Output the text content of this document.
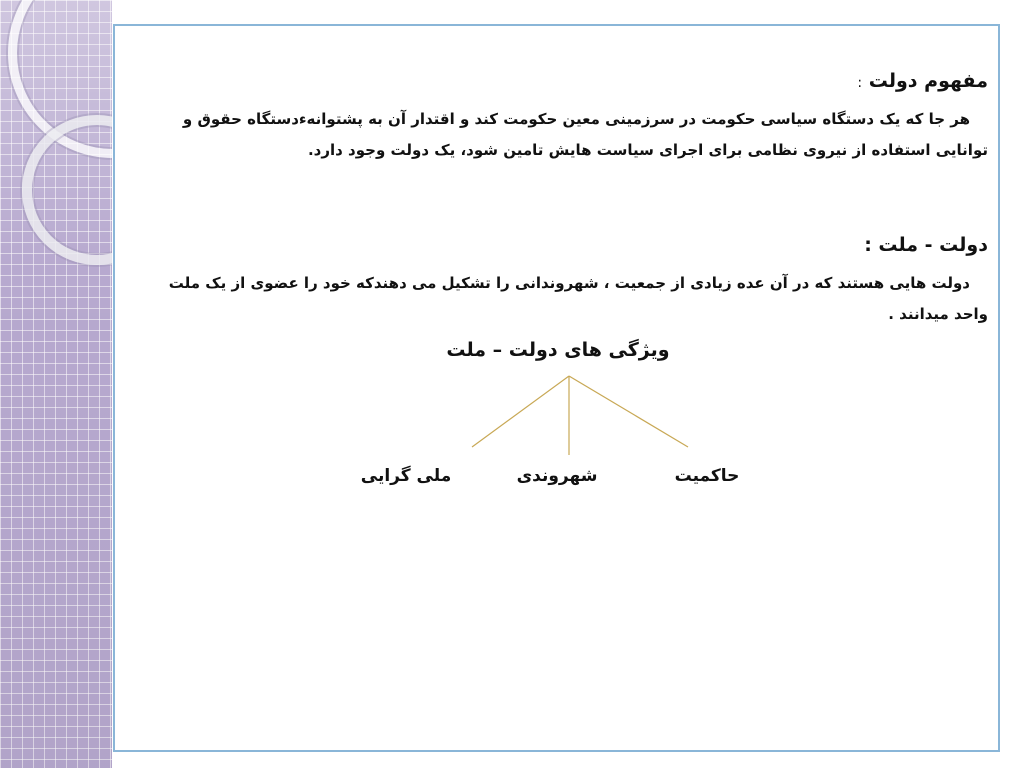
مفهوم دولت :
هر جا که یک دستگاه سیاسی حکومت در سرزمینی معین حکومت کند و اقتدار آن به پشتوانه‌ءدستگاه حقوق و توانایی استفاده از نیروی نظامی برای اجرای سیاست هایش تامین شود، یک دولت وجود دارد.
دولت - ملت :
دولت هایی هستند که در آن عده زیادی از جمعیت ، شهروندانی را تشکیل می دهندکه خود را عضوی از یک ملت واحد میدانند .
ویژگی های دولت – ملت
حاکمیت
شهروندی
ملی گرایی
